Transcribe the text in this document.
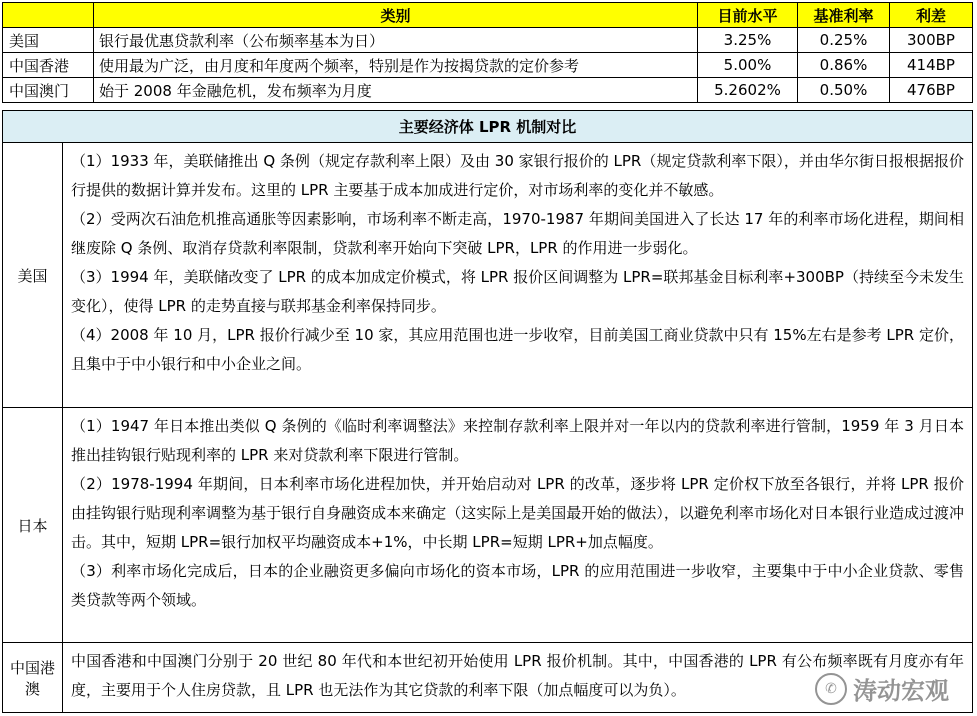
	类别	目前水平	基准利率	利差
美国	银行最优惠贷款利率（公布频率基本为日）	3.25%	0.25%	300BP
中国香港	使用最为广泛，由月度和年度两个频率，特别是作为按揭贷款的定价参考	5.00%	0.86%	414BP
中国澳门	始于 2008 年金融危机，发布频率为月度	5.2602%	0.50%	476BP
主要经济体 LPR 机制对比	
美国	（1）1933 年，美联储推出 Q 条例（规定存款利率上限）及由 30 家银行报价的 LPR（规定贷款利率下限），并由华尔街日报根据报价行提供的数据计算并发布。这里的 LPR 主要基于成本加成进行定价，对市场利率的变化并不敏感。

（2）受两次石油危机推高通胀等因素影响，市场利率不断走高，1970-1987 年期间美国进入了长达 17 年的利率市场化进程，期间相继废除 Q 条例、取消存贷款利率限制，贷款利率开始向下突破 LPR，LPR 的作用进一步弱化。

（3）1994 年，美联储改变了 LPR 的成本加成定价模式，将 LPR 报价区间调整为 LPR=联邦基金目标利率+300BP（持续至今未发生变化），使得 LPR 的走势直接与联邦基金利率保持同步。

（4）2008 年 10 月，LPR 报价行减少至 10 家，其应用范围也进一步收窄，目前美国工商业贷款中只有 15%左右是参考 LPR 定价，且集中于中小银行和中小企业之间。

日本	（1）1947 年日本推出类似 Q 条例的《临时利率调整法》来控制存款利率上限并对一年以内的贷款利率进行管制，1959 年 3 月日本推出挂钩银行贴现利率的 LPR 来对贷款利率下限进行管制。

（2）1978-1994 年期间，日本利率市场化进程加快，并开始启动对 LPR 的改革，逐步将 LPR 定价权下放至各银行，并将 LPR 报价由挂钩银行贴现利率调整为基于银行自身融资成本来确定（这实际上是美国最开始的做法），以避免利率市场化对日本银行业造成过渡冲击。其中，短期 LPR=银行加权平均融资成本+1%，中长期 LPR=短期 LPR+加点幅度。

（3）利率市场化完成后，日本的企业融资更多偏向市场化的资本市场，LPR 的应用范围进一步收窄，主要集中于中小企业贷款、零售类贷款等两个领域。

中国港澳	中国香港和中国澳门分别于 20 世纪 80 年代和本世纪初开始使用 LPR 报价机制。其中，中国香港的 LPR 有公布频率既有月度亦有年度，主要用于个人住房贷款，且 LPR 也无法作为其它贷款的利率下限（加点幅度可以为负）。	✆ 涛动宏观
